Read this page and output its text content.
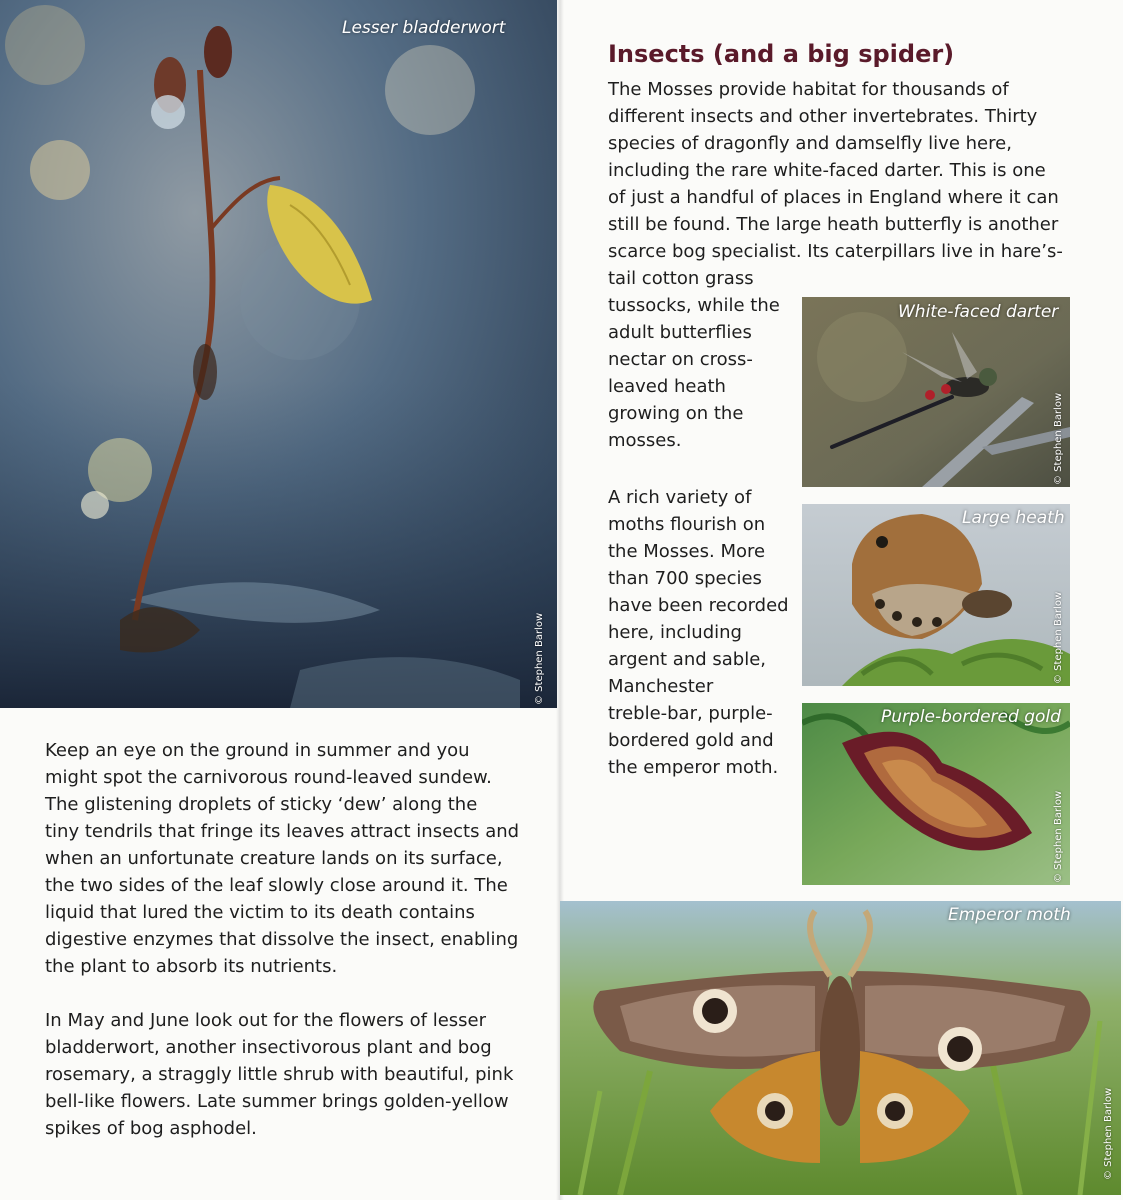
Lesser bladderwort
© Stephen Barlow

Keep an eye on the ground in summer and you
might spot the carnivorous round-leaved sundew.
The glistening droplets of sticky ‘dew’ along the
tiny tendrils that fringe its leaves attract insects and
when an unfortunate creature lands on its surface,
the two sides of the leaf slowly close around it. The
liquid that lured the victim to its death contains
digestive enzymes that dissolve the insect, enabling
the plant to absorb its nutrients.

In May and June look out for the flowers of lesser
bladderwort, another insectivorous plant and bog
rosemary, a straggly little shrub with beautiful, pink
bell-like flowers. Late summer brings golden-yellow
spikes of bog asphodel.

Insects (and a big spider)
The Mosses provide habitat for thousands of
different insects and other invertebrates. Thirty
species of dragonfly and damselfly live here,
including the rare white-faced darter. This is one
of just a handful of places in England where it can
still be found. The large heath butterfly is another
scarce bog specialist. Its caterpillars live in hare’s-
tail cotton grass
tussocks, while the
adult butterflies
nectar on cross-
leaved heath
growing on the
mosses.
A rich variety of
moths flourish on
the Mosses. More
than 700 species
have been recorded
here, including
argent and sable,
Manchester
treble-bar, purple-
bordered gold and
the emperor moth.
White-faced darter
© Stephen Barlow
Large heath
© Stephen Barlow
Purple-bordered gold
© Stephen Barlow
Emperor moth
© Stephen Barlow
